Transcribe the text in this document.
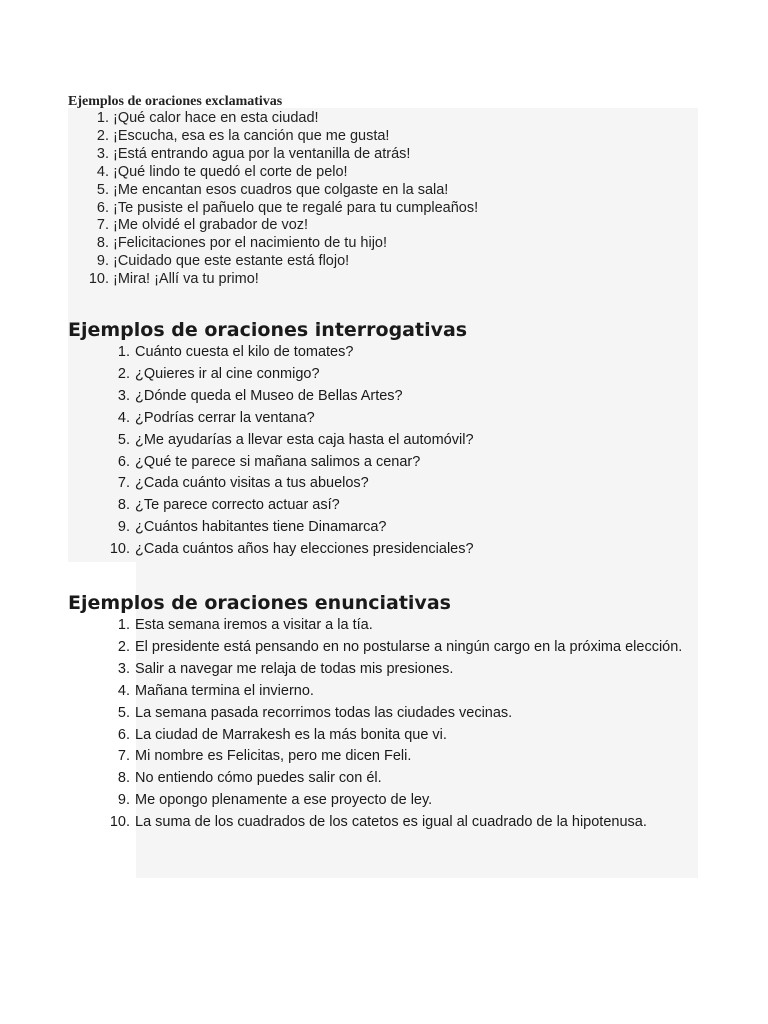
Ejemplos de oraciones exclamativas
1. ¡Qué calor hace en esta ciudad!
2. ¡Escucha, esa es la canción que me gusta!
3. ¡Está entrando agua por la ventanilla de atrás!
4. ¡Qué lindo te quedó el corte de pelo!
5. ¡Me encantan esos cuadros que colgaste en la sala!
6. ¡Te pusiste el pañuelo que te regalé para tu cumpleaños!
7. ¡Me olvidé el grabador de voz!
8. ¡Felicitaciones por el nacimiento de tu hijo!
9. ¡Cuidado que este estante está flojo!
10. ¡Mira! ¡Allí va tu primo!
Ejemplos de oraciones interrogativas
1. Cuánto cuesta el kilo de tomates?
2. ¿Quieres ir al cine conmigo?
3. ¿Dónde queda el Museo de Bellas Artes?
4. ¿Podrías cerrar la ventana?
5. ¿Me ayudarías a llevar esta caja hasta el automóvil?
6. ¿Qué te parece si mañana salimos a cenar?
7. ¿Cada cuánto visitas a tus abuelos?
8. ¿Te parece correcto actuar así?
9. ¿Cuántos habitantes tiene Dinamarca?
10. ¿Cada cuántos años hay elecciones presidenciales?
Ejemplos de oraciones enunciativas
1. Esta semana iremos a visitar a la tía.
2. El presidente está pensando en no postularse a ningún cargo en la próxima elección.
3. Salir a navegar me relaja de todas mis presiones.
4. Mañana termina el invierno.
5. La semana pasada recorrimos todas las ciudades vecinas.
6. La ciudad de Marrakesh es la más bonita que vi.
7. Mi nombre es Felicitas, pero me dicen Feli.
8. No entiendo cómo puedes salir con él.
9. Me opongo plenamente a ese proyecto de ley.
10. La suma de los cuadrados de los catetos es igual al cuadrado de la hipotenusa.
